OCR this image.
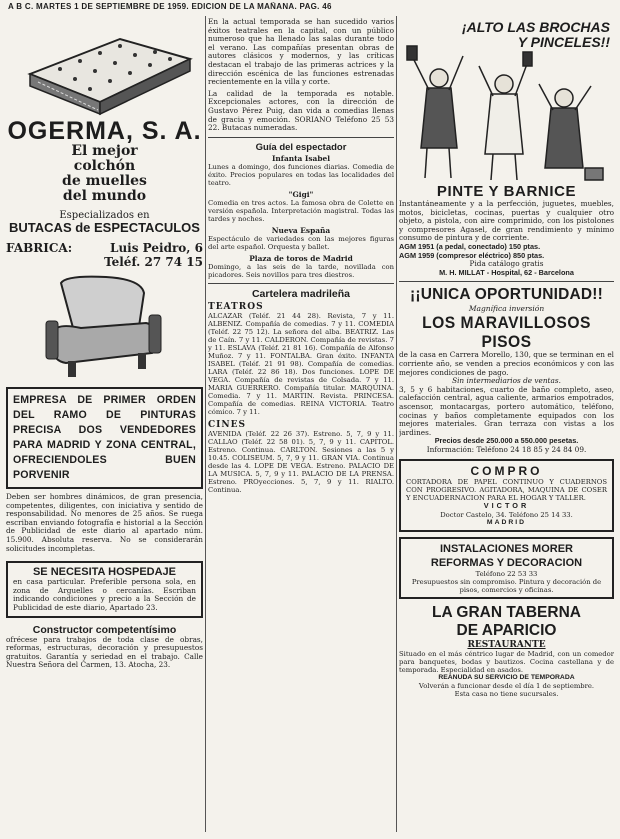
A B C. MARTES 1 DE SEPTIEMBRE DE 1959. EDICION DE LA MAÑANA. PAG. 46
OGERMA, S. A.
El mejor
colchón
de muelles
del mundo
Especializados en
BUTACAS de ESPECTACULOS
FABRICA:	Luis Peidro, 6
Teléf. 27 74 15
EMPRESA DE PRIMER ORDEN DEL RAMO DE PINTURAS PRECISA DOS VENDEDORES PARA MADRID Y ZONA CENTRAL, OFRECIENDOLES BUEN PORVENIR
Deben ser hombres dinámicos, de gran presencia, competentes, diligentes, con iniciativa y sentido de responsabilidad. No menores de 25 años. Se ruega escriban enviando fotografía e historial a la Sección de Publicidad de este diario al apartado núm. 15.900. Absoluta reserva. No se considerarán solicitudes incompletas.
SE NECESITA HOSPEDAJE
en casa particular. Preferible persona sola, en zona de Arguelles o cercanías. Escriban indicando condiciones y precio a la Sección de Publicidad de este diario, Apartado 23.
Constructor competentísimo
ofrécese para trabajos de toda clase de obras, reformas, estructuras, decoración y presupuestos gratuitos. Garantía y seriedad en el trabajo. Calle Nuestra Señora del Carmen, 13. Atocha, 23.
En la actual temporada se han sucedido varios éxitos teatrales en la capital, con un público numeroso que ha llenado las salas durante todo el verano. Las compañías presentan obras de autores clásicos y modernos, y las críticas destacan el trabajo de las primeras actrices y la dirección escénica de las funciones estrenadas recientemente en la villa y corte.
La calidad de la temporada es notable. Excepcionales actores, con la dirección de Gustavo Pérez Puig, dan vida a comedias llenas de gracia y emoción. SORIANO Teléfono 25 53 22. Butacas numeradas.
Guía del espectador
Infanta Isabel
Lunes a domingo, dos funciones diarias. Comedia de éxito. Precios populares en todas las localidades del teatro.
"Gigi"
Comedia en tres actos. La famosa obra de Colette en versión española. Interpretación magistral. Todas las tardes y noches.
Nueva España
Espectáculo de variedades con las mejores figuras del arte español. Orquesta y ballet.
Plaza de toros de Madrid
Domingo, a las seis de la tarde, novillada con picadores. Seis novillos para tres diestros.
Cartelera madrileña
TEATROS
ALCAZAR (Teléf. 21 44 28). Revista, 7 y 11. ALBENIZ. Compañía de comedias. 7 y 11. COMEDIA (Teléf. 22 75 12). La señora del alba. BEATRIZ. Las de Caín. 7 y 11. CALDERON. Compañía de revistas. 7 y 11. ESLAVA (Teléf. 21 81 16). Compañía de Alfonso Muñoz. 7 y 11. FONTALBA. Gran éxito. INFANTA ISABEL (Teléf. 21 91 98). Compañía de comedias. LARA (Teléf. 22 86 18). Dos funciones. LOPE DE VEGA. Compañía de revistas de Colsada. 7 y 11. MARIA GUERRERO. Compañía titular. MARQUINA. Comedia. 7 y 11. MARTIN. Revista. PRINCESA. Compañía de comedias. REINA VICTORIA. Teatro cómico. 7 y 11.
CINES
AVENIDA (Teléf. 22 26 37). Estreno. 5, 7, 9 y 11. CALLAO (Teléf. 22 58 01). 5, 7, 9 y 11. CAPITOL. Estreno. Continua. CARLTON. Sesiones a las 5 y 10.45. COLISEUM. 5, 7, 9 y 11. GRAN VIA. Continua desde las 4. LOPE DE VEGA. Estreno. PALACIO DE LA MUSICA. 5, 7, 9 y 11. PALACIO DE LA PRENSA. Estreno. PROyecciones. 5, 7, 9 y 11. RIALTO. Continua.
¡ALTO LAS BROCHAS
Y PINCELES!!
PINTE Y BARNICE
Instantáneamente y a la perfección, juguetes, muebles, motos, bicicletas, cocinas, puertas y cualquier otro objeto, a pistola, con aire comprimido, con los pistolones y compresores Agasel, de gran rendimiento y mínimo consumo de pintura y de corriente.
AGM 1951 (a pedal, conectado) 150 ptas.
AGM 1959 (compresor eléctrico) 850 ptas.
Pida catálogo gratis
M. H. MILLAT - Hospital, 62 - Barcelona
¡¡UNICA OPORTUNIDAD!!
Magnífica inversión
LOS MARAVILLOSOS PISOS
de la casa en Carrera Morello, 130, que se terminan en el corriente año, se venden a precios económicos y con las mejores condiciones de pago.
Sin intermediarios de ventas.
3, 5 y 6 habitaciones, cuarto de baño completo, aseo, calefacción central, agua caliente, armarios empotrados, ascensor, montacargas, portero automático, teléfono, cocinas y baños completamente equipados con los mejores materiales. Gran terraza con vistas a los jardines.
Precios desde 250.000 a 550.000 pesetas.
Información: Teléfono 24 18 85 y 24 84 09.
COMPRO
CORTADORA DE PAPEL CONTINUO Y CUADERNOS CON PROGRESIVO. AGITADORA, MAQUINA DE COSER Y ENCUADERNACION PARA EL HOGAR Y TALLER.
VICTOR
Doctor Castelo, 34. Teléfono 25 14 33.
MADRID
INSTALACIONES MORER
REFORMAS Y DECORACION
Teléfono 22 53 33
Presupuestos sin compromiso. Pintura y decoración de pisos, comercios y oficinas.
LA GRAN TABERNA
DE APARICIO
RESTAURANTE
Situado en el más céntrico lugar de Madrid, con un comedor para banquetes, bodas y bautizos. Cocina castellana y de temporada. Especialidad en asados.
REANUDA SU SERVICIO DE TEMPORADA
Volverán a funcionar desde el día 1 de septiembre.
Esta casa no tiene sucursales.
